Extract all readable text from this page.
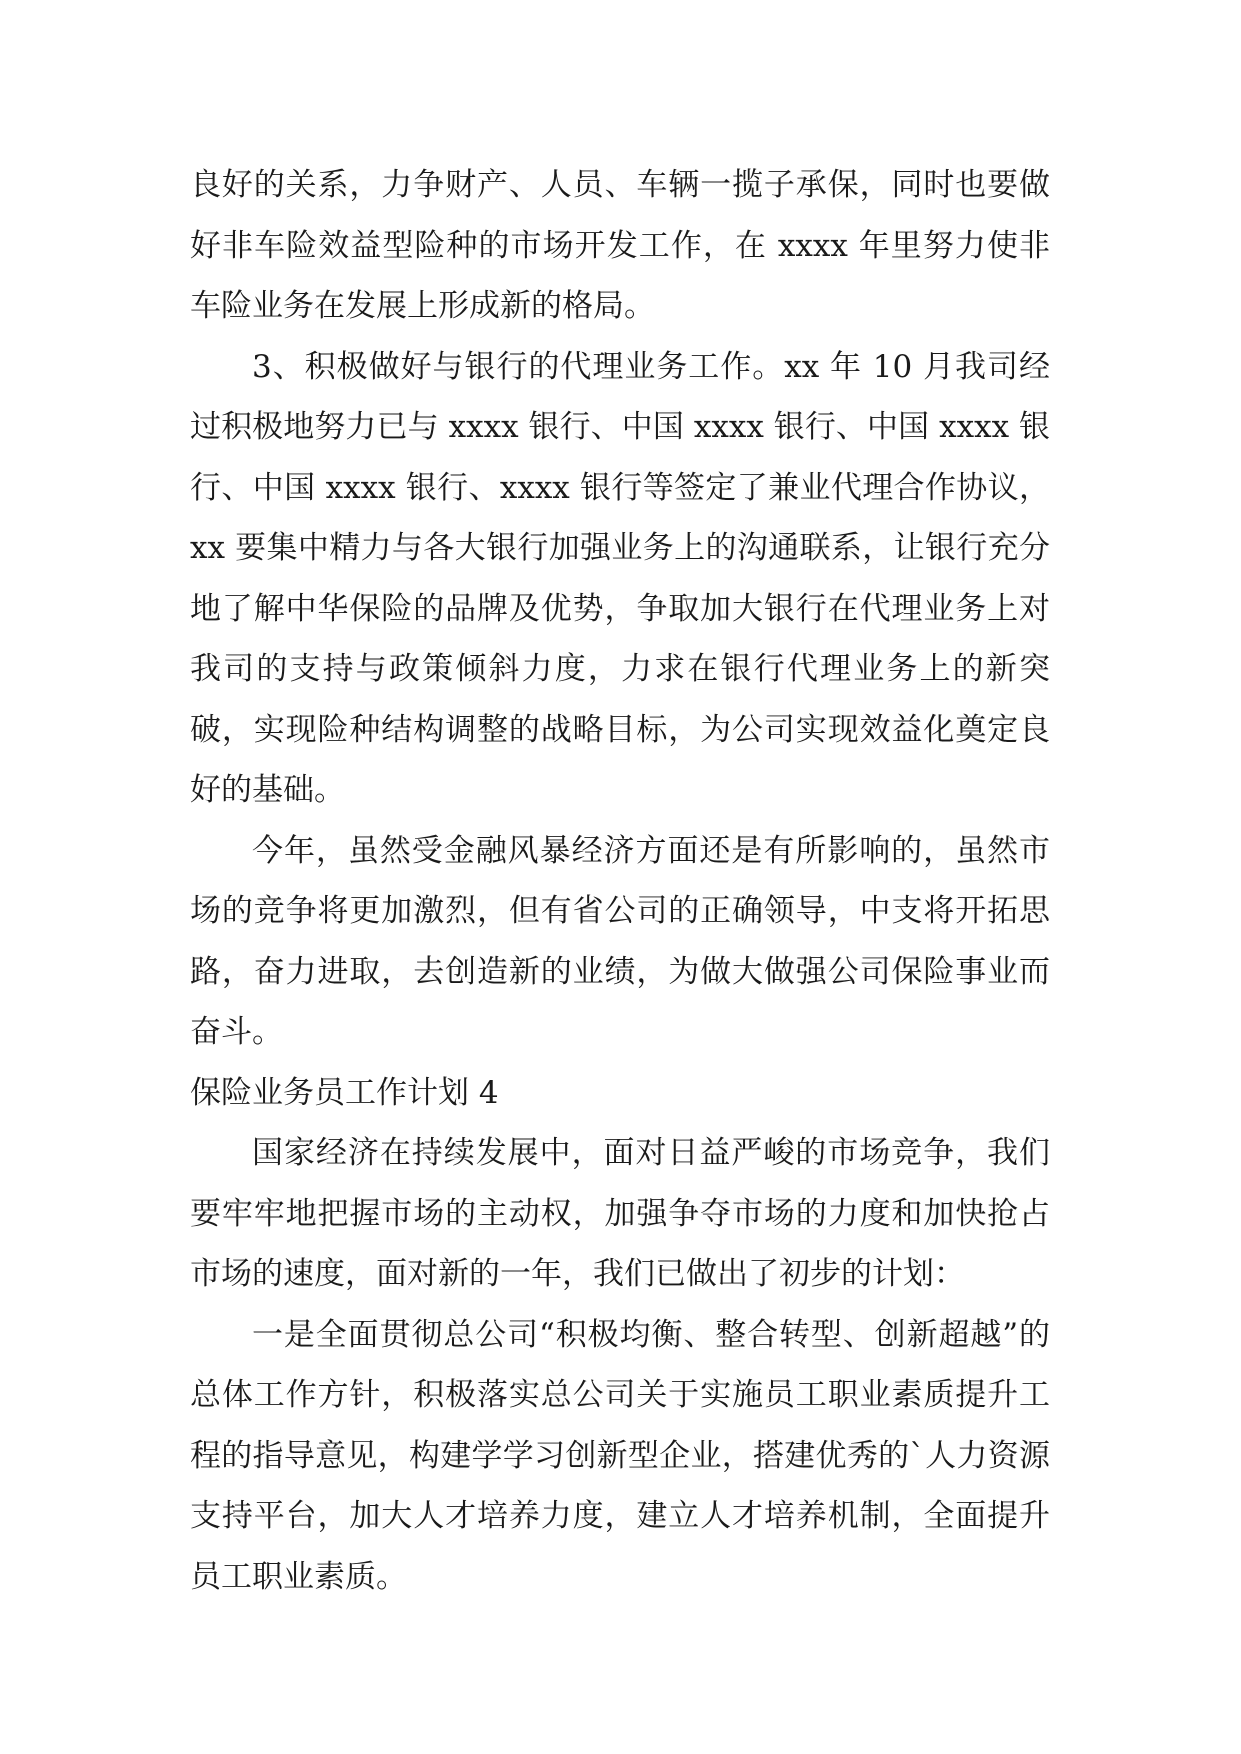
良好的关系，力争财产、人员、车辆一揽子承保，同时也要做好非车险效益型险种的市场开发工作，在 xxxx 年里努力使非车险业务在发展上形成新的格局。

3、积极做好与银行的代理业务工作。xx 年 10 月我司经过积极地努力已与 xxxx 银行、中国 xxxx 银行、中国 xxxx 银行、中国 xxxx 银行、xxxx 银行等签定了兼业代理合作协议，xx 要集中精力与各大银行加强业务上的沟通联系，让银行充分地了解中华保险的品牌及优势，争取加大银行在代理业务上对我司的支持与政策倾斜力度，力求在银行代理业务上的新突破，实现险种结构调整的战略目标，为公司实现效益化奠定良好的基础。

今年，虽然受金融风暴经济方面还是有所影响的，虽然市场的竞争将更加激烈，但有省公司的正确领导，中支将开拓思路，奋力进取，去创造新的业绩，为做大做强公司保险事业而奋斗。

保险业务员工作计划 4

国家经济在持续发展中，面对日益严峻的市场竞争，我们要牢牢地把握市场的主动权，加强争夺市场的力度和加快抢占市场的速度，面对新的一年，我们已做出了初步的计划：

一是全面贯彻总公司“积极均衡、整合转型、创新超越”的总体工作方针，积极落实总公司关于实施员工职业素质提升工程的指导意见，构建学学习创新型企业，搭建优秀的`人力资源支持平台，加大人才培养力度，建立人才培养机制，全面提升员工职业素质。
